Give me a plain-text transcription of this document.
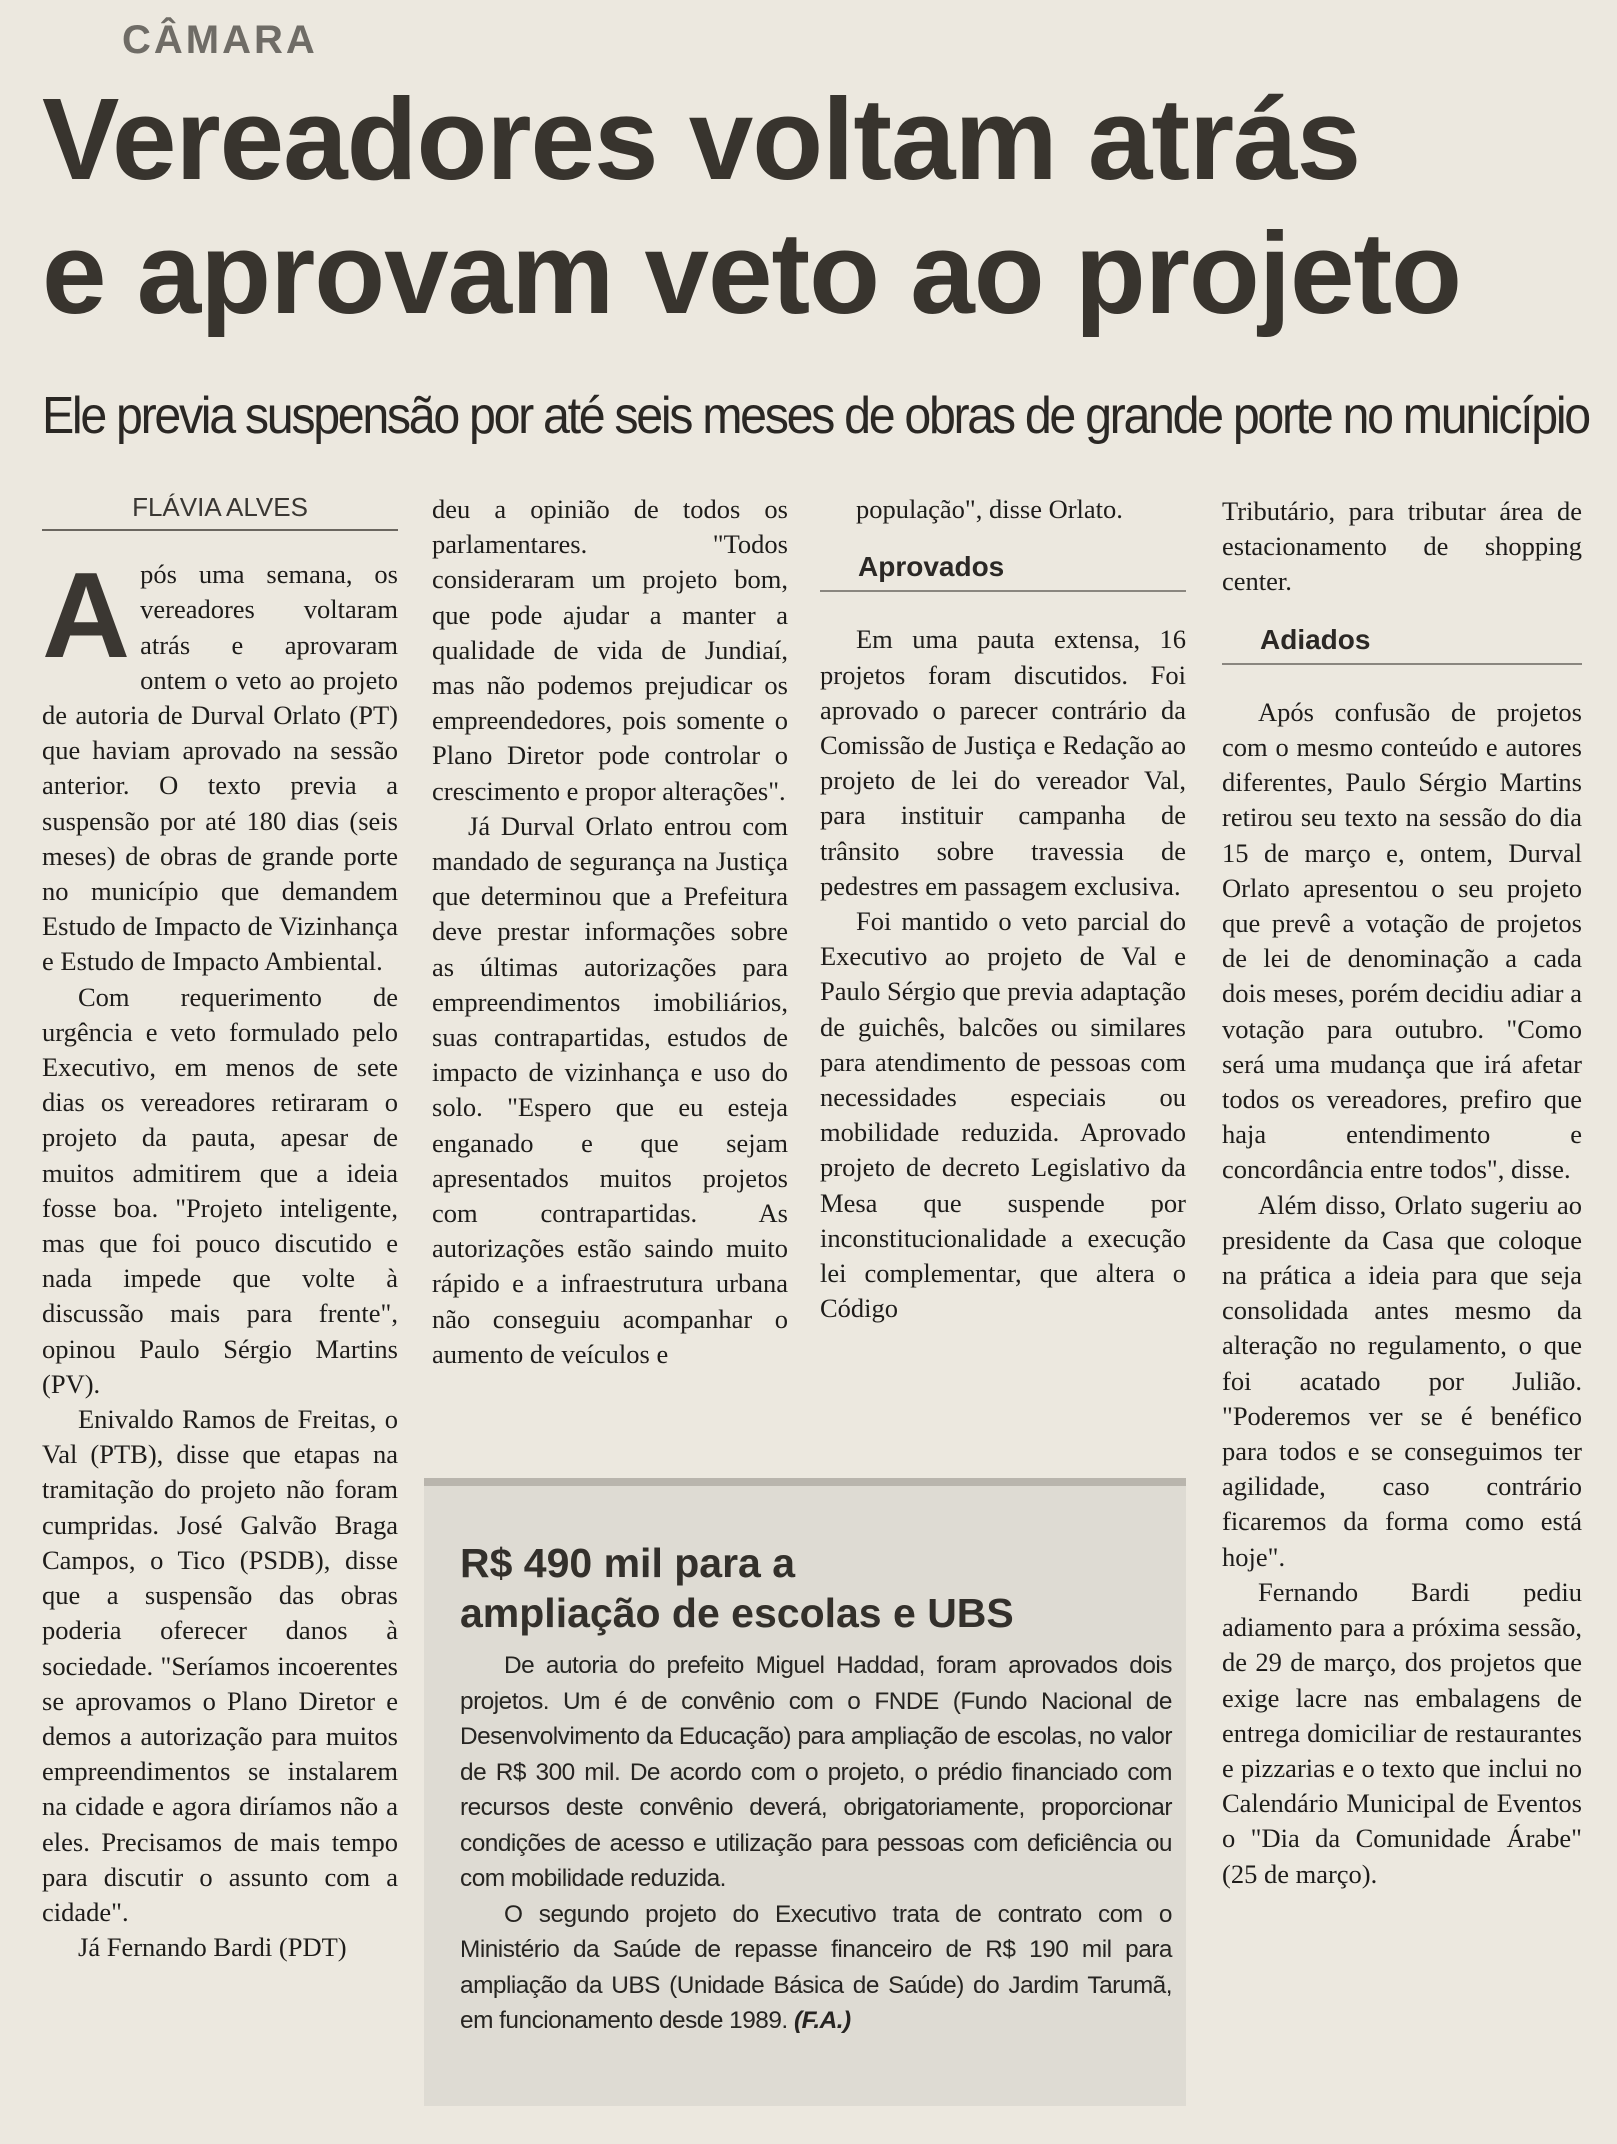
CÂMARA
Vereadores voltam atrás
e aprovam veto ao projeto
Ele previa suspensão por até seis meses de obras de grande porte no município
FLÁVIA ALVES

Após uma semana, os vereadores voltaram atrás e aprovaram ontem o veto ao projeto de autoria de Durval Orlato (PT) que haviam aprovado na sessão anterior. O texto previa a suspensão por até 180 dias (seis meses) de obras de grande porte no município que demandem Estudo de Impacto de Vizinhança e Estudo de Impacto Ambiental.

Com requerimento de urgência e veto formulado pelo Executivo, em menos de sete dias os vereadores retiraram o projeto da pauta, apesar de muitos admitirem que a ideia fosse boa. "Projeto inteligente, mas que foi pouco discutido e nada impede que volte à discussão mais para frente", opinou Paulo Sérgio Martins (PV).

Enivaldo Ramos de Freitas, o Val (PTB), disse que etapas na tramitação do projeto não foram cumpridas. José Galvão Braga Campos, o Tico (PSDB), disse que a suspensão das obras poderia oferecer danos à sociedade. "Seríamos incoerentes se aprovamos o Plano Diretor e demos a autorização para muitos empreendimentos se instalarem na cidade e agora diríamos não a eles. Precisamos de mais tempo para discutir o assunto com a cidade".

Já Fernando Bardi (PDT)

deu a opinião de todos os parlamentares. "Todos consideraram um projeto bom, que pode ajudar a manter a qualidade de vida de Jundiaí, mas não podemos prejudicar os empreendedores, pois somente o Plano Diretor pode controlar o crescimento e propor alterações".

Já Durval Orlato entrou com mandado de segurança na Justiça que determinou que a Prefeitura deve prestar informações sobre as últimas autorizações para empreendimentos imobiliários, suas contrapartidas, estudos de impacto de vizinhança e uso do solo. "Espero que eu esteja enganado e que sejam apresentados muitos projetos com contrapartidas. As autorizações estão saindo muito rápido e a infraestrutura urbana não conseguiu acompanhar o aumento de veículos e

população", disse Orlato.

Aprovados

Em uma pauta extensa, 16 projetos foram discutidos. Foi aprovado o parecer contrário da Comissão de Justiça e Redação ao projeto de lei do vereador Val, para instituir campanha de trânsito sobre travessia de pedestres em passagem exclusiva.

Foi mantido o veto parcial do Executivo ao projeto de Val e Paulo Sérgio que previa adaptação de guichês, balcões ou similares para atendimento de pessoas com necessidades especiais ou mobilidade reduzida. Aprovado projeto de decreto Legislativo da Mesa que suspende por inconstitucionalidade a execução lei complementar, que altera o Código

Tributário, para tributar área de estacionamento de shopping center.

Adiados

Após confusão de projetos com o mesmo conteúdo e autores diferentes, Paulo Sérgio Martins retirou seu texto na sessão do dia 15 de março e, ontem, Durval Orlato apresentou o seu projeto que prevê a votação de projetos de lei de denominação a cada dois meses, porém decidiu adiar a votação para outubro. "Como será uma mudança que irá afetar todos os vereadores, prefiro que haja entendimento e concordância entre todos", disse.

Além disso, Orlato sugeriu ao presidente da Casa que coloque na prática a ideia para que seja consolidada antes mesmo da alteração no regulamento, o que foi acatado por Julião. "Poderemos ver se é benéfico para todos e se conseguimos ter agilidade, caso contrário ficaremos da forma como está hoje".

Fernando Bardi pediu adiamento para a próxima sessão, de 29 de março, dos projetos que exige lacre nas embalagens de entrega domiciliar de restaurantes e pizzarias e o texto que inclui no Calendário Municipal de Eventos o "Dia da Comunidade Árabe" (25 de março).

R$ 490 mil para a
ampliação de escolas e UBS

De autoria do prefeito Miguel Haddad, foram aprovados dois projetos. Um é de convênio com o FNDE (Fundo Nacional de Desenvolvimento da Educação) para ampliação de escolas, no valor de R$ 300 mil. De acordo com o projeto, o prédio financiado com recursos deste convênio deverá, obrigatoriamente, proporcionar condições de acesso e utilização para pessoas com deficiência ou com mobilidade reduzida.

O segundo projeto do Executivo trata de contrato com o Ministério da Saúde de repasse financeiro de R$ 190 mil para ampliação da UBS (Unidade Básica de Saúde) do Jardim Tarumã, em funcionamento desde 1989. (F.A.)
